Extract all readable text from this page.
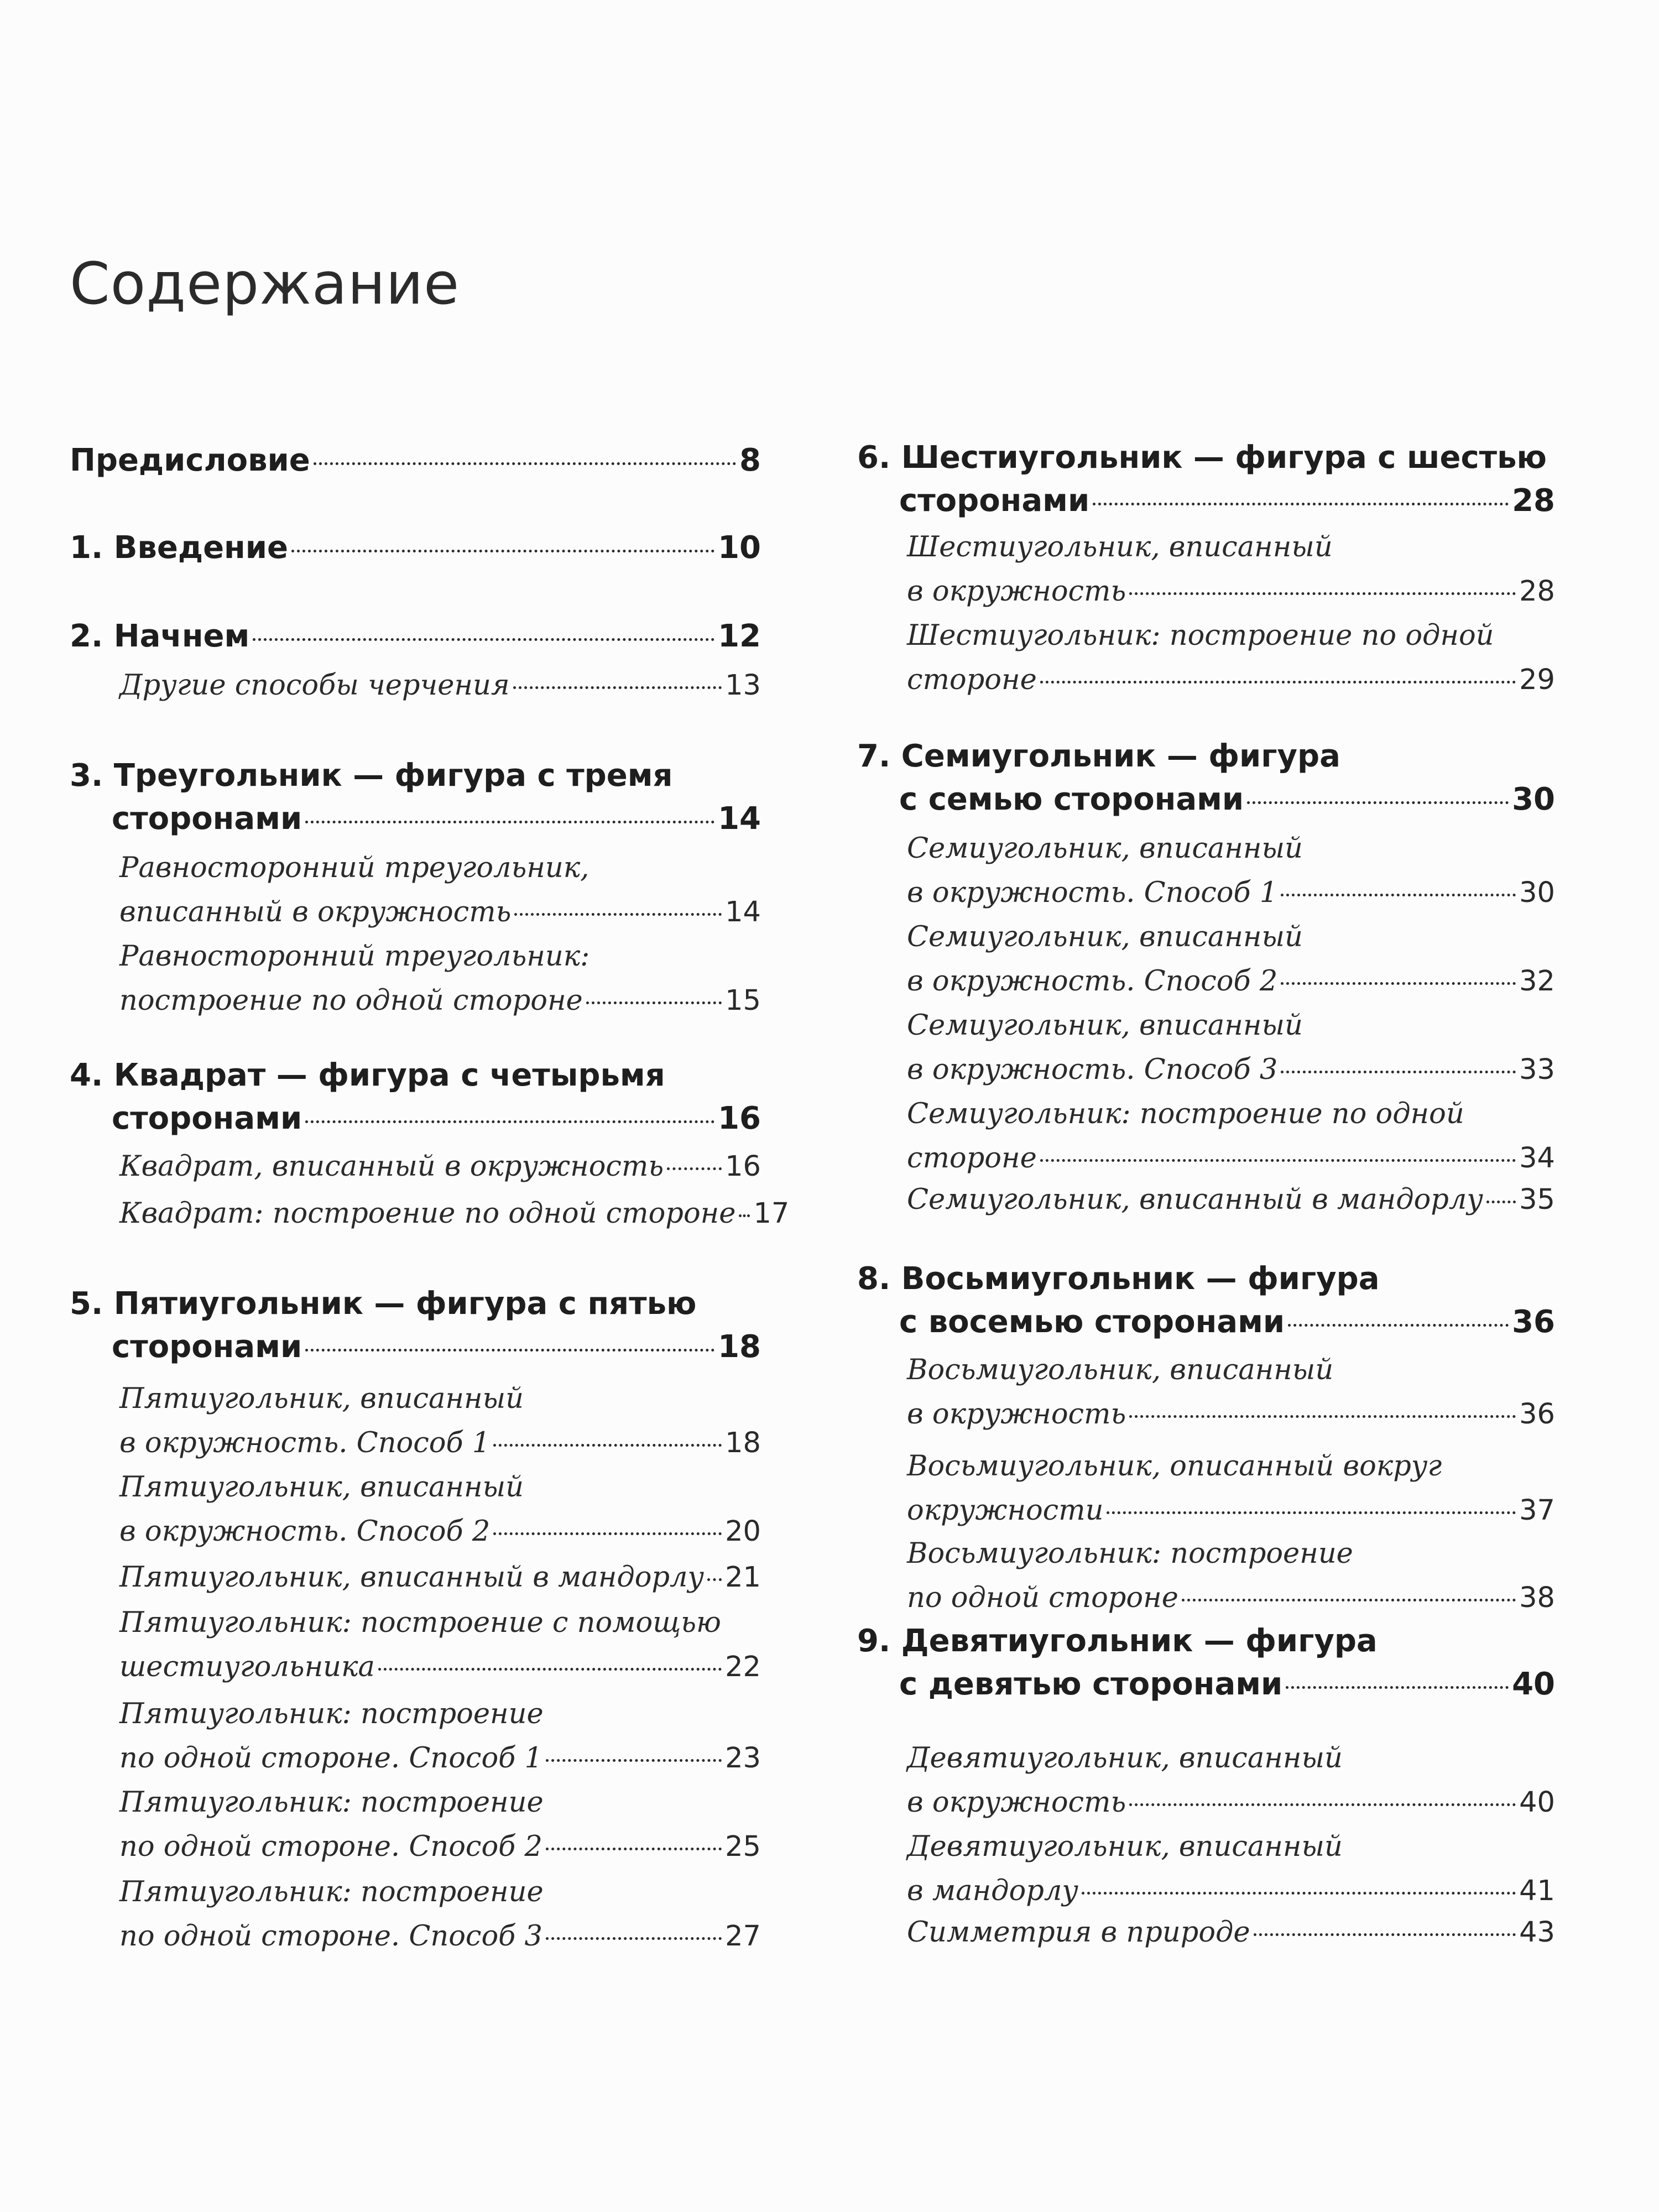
Содержание
Предисловие	8
1. Введение	10
2. Начнем	12
Другие способы черчения	13
3. Треугольник — фигура с тремя
сторонами	14
Равносторонний треугольник,
вписанный в окружность	14
Равносторонний треугольник:
построение по одной стороне	15
4. Квадрат — фигура с четырьмя
сторонами	16
Квадрат, вписанный в окружность 16
Квадрат: построение по одной стороне 17
5. Пятиугольник — фигура с пятью
сторонами	18
Пятиугольник, вписанный
в окружность. Способ 1	18
Пятиугольник, вписанный
в окружность. Способ 2	20
Пятиугольник, вписанный в мандорлу 21
Пятиугольник: построение с помощью
шестиугольника	22
Пятиугольник: построение
по одной стороне. Способ 1	23
Пятиугольник: построение
по одной стороне. Способ 2	25
Пятиугольник: построение
по одной стороне. Способ 3	27
6. Шестиугольник — фигура с шестью
сторонами	28
Шестиугольник, вписанный
в окружность	28
Шестиугольник: построение по одной
стороне	29
7. Семиугольник — фигура
с семью сторонами	30
Семиугольник, вписанный
в окружность. Способ 1	30
Семиугольник, вписанный
в окружность. Способ 2	32
Семиугольник, вписанный
в окружность. Способ 3	33
Семиугольник: построение по одной
стороне	34
Семиугольник, вписанный в мандорлу 35
8. Восьмиугольник — фигура
с восемью сторонами	36
Восьмиугольник, вписанный
в окружность	36
Восьмиугольник, описанный вокруг
окружности	37
Восьмиугольник: построение
по одной стороне	38
9. Девятиугольник — фигура
с девятью сторонами	40
Девятиугольник, вписанный
в окружность	40
Девятиугольник, вписанный
в мандорлу	41
Симметрия в природе	43
